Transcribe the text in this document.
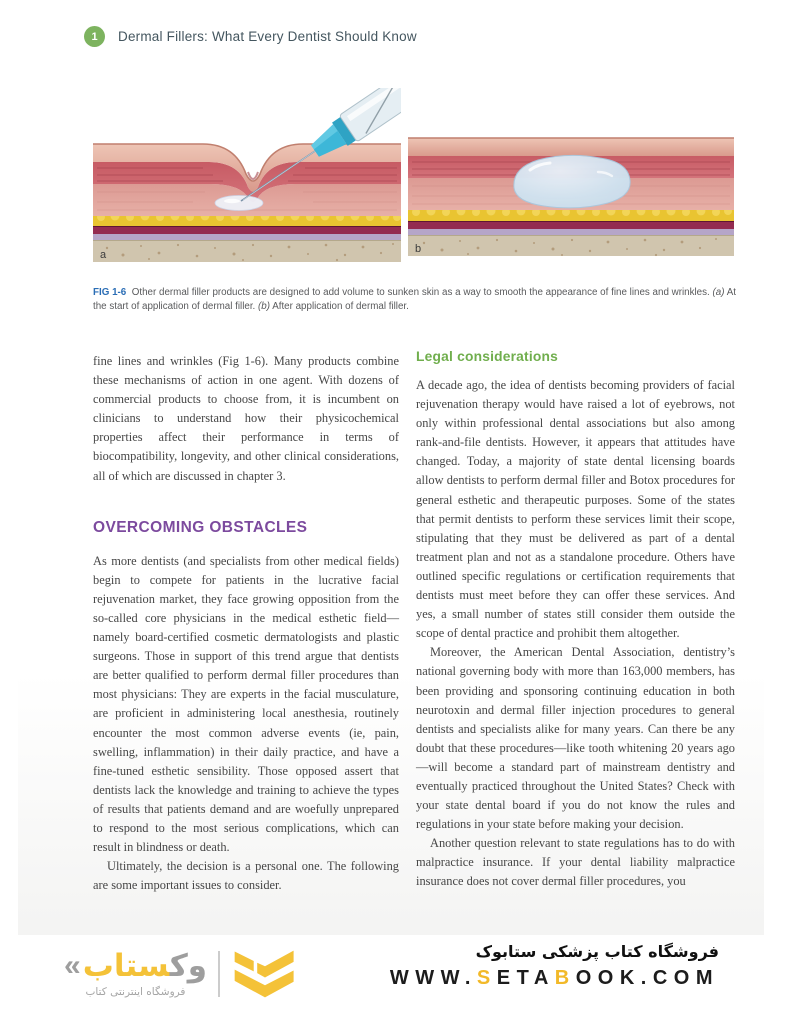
1	Dermal Fillers: What Every Dentist Should Know
a	b

FIG 1-6 Other dermal filler products are designed to add volume to sunken skin as a way to smooth the appearance of fine lines and wrinkles. (a) At the start of application of dermal filler. (b) After application of dermal filler.

fine lines and wrinkles (Fig 1-6). Many products combine these mechanisms of action in one agent. With dozens of commercial products to choose from, it is incumbent on clinicians to understand how their physicochemical properties affect their performance in terms of biocompatibility, longevity, and other clinical considerations, all of which are discussed in chapter 3.

OVERCOMING OBSTACLES

As more dentists (and specialists from other medical fields) begin to compete for patients in the lucrative facial rejuvenation market, they face growing opposition from the so-called core physicians in the medical esthetic field—namely board-certified cosmetic dermatologists and plastic surgeons. Those in support of this trend argue that dentists are better qualified to perform dermal filler procedures than most physicians: They are experts in the facial musculature, are proficient in administering local anesthesia, routinely encounter the most common adverse events (ie, pain, swelling, inflammation) in their daily practice, and have a fine-tuned esthetic sensibility. Those opposed assert that dentists lack the knowledge and training to achieve the types of results that patients demand and are woefully unprepared to respond to the most serious complications, which can result in blindness or death.

Ultimately, the decision is a personal one. The following are some important issues to consider.

Legal considerations

A decade ago, the idea of dentists becoming providers of facial rejuvenation therapy would have raised a lot of eyebrows, not only within professional dental associations but also among rank-and-file dentists. However, it appears that attitudes have changed. Today, a majority of state dental licensing boards allow dentists to perform dermal filler and Botox procedures for general esthetic and therapeutic purposes. Some of the states that permit dentists to perform these services limit their scope, stipulating that they must be delivered as part of a dental treatment plan and not as a standalone procedure. Others have outlined specific regulations or certification requirements that dentists must meet before they can offer these services. And yes, a small number of states still consider them outside the scope of dental practice and prohibit them altogether.

Moreover, the American Dental Association, dentistry’s national governing body with more than 163,000 members, has been providing and sponsoring continuing education in both neurotoxin and dermal filler injection procedures to general dentists and specialists alike for many years. Can there be any doubt that these procedures—like tooth whitening 20 years ago—will become a standard part of mainstream dentistry and eventually practiced throughout the United States? Check with your state dental board if you do not know the rules and regulations in your state before making your decision.

Another question relevant to state regulations has to do with malpractice insurance. If your dental liability malpractice insurance does not cover dermal filler procedures, you

«	وکستاب
فروشگاه اینترنتی کتاب
فروشگاه کتاب پزشکی ستابوک
WWW.SETABOOK.COM
